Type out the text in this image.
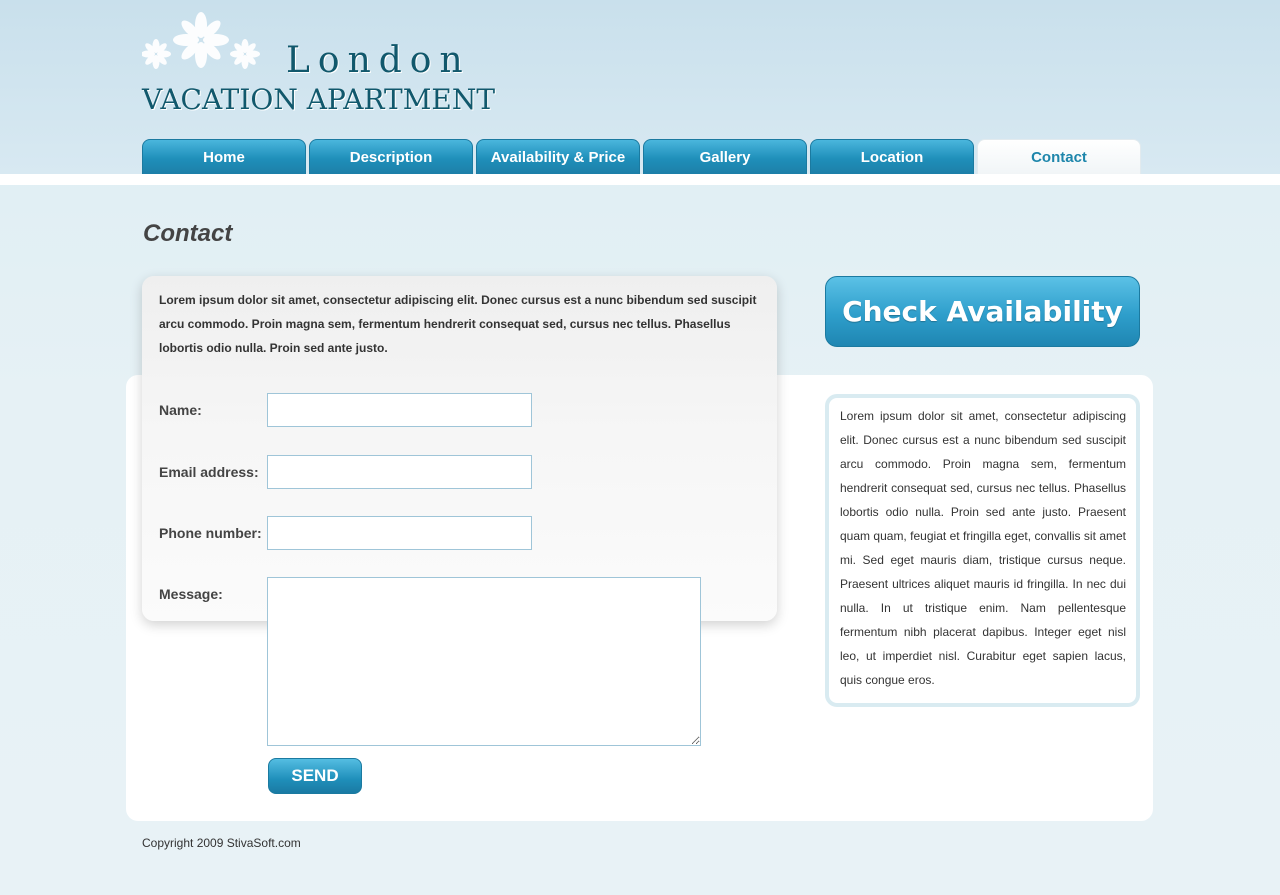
London
VACATION APARTMENT
Home	Description	Availability & Price	Gallery	Location	Contact
Contact

Lorem ipsum dolor sit amet, consectetur adipiscing elit. Donec cursus est a nunc bibendum sed suscipit arcu commodo. Proin magna sem, fermentum hendrerit consequat sed, cursus nec tellus. Phasellus lobortis odio nulla. Proin sed ante justo.

Name:
Email address:
Phone number:
Message:
SEND
Check Availability

Lorem ipsum dolor sit amet, consectetur adipiscing elit. Donec cursus est a nunc bibendum sed suscipit arcu commodo. Proin magna sem, fermentum hendrerit consequat sed, cursus nec tellus. Phasellus lobortis odio nulla. Proin sed ante justo. Praesent quam quam, feugiat et fringilla eget, convallis sit amet mi. Sed eget mauris diam, tristique cursus neque. Praesent ultrices aliquet mauris id fringilla. In nec dui nulla. In ut tristique enim. Nam pellentesque fermentum nibh placerat dapibus. Integer eget nisl leo, ut imperdiet nisl. Curabitur eget sapien lacus, quis congue eros.

Copyright 2009 StivaSoft.com
